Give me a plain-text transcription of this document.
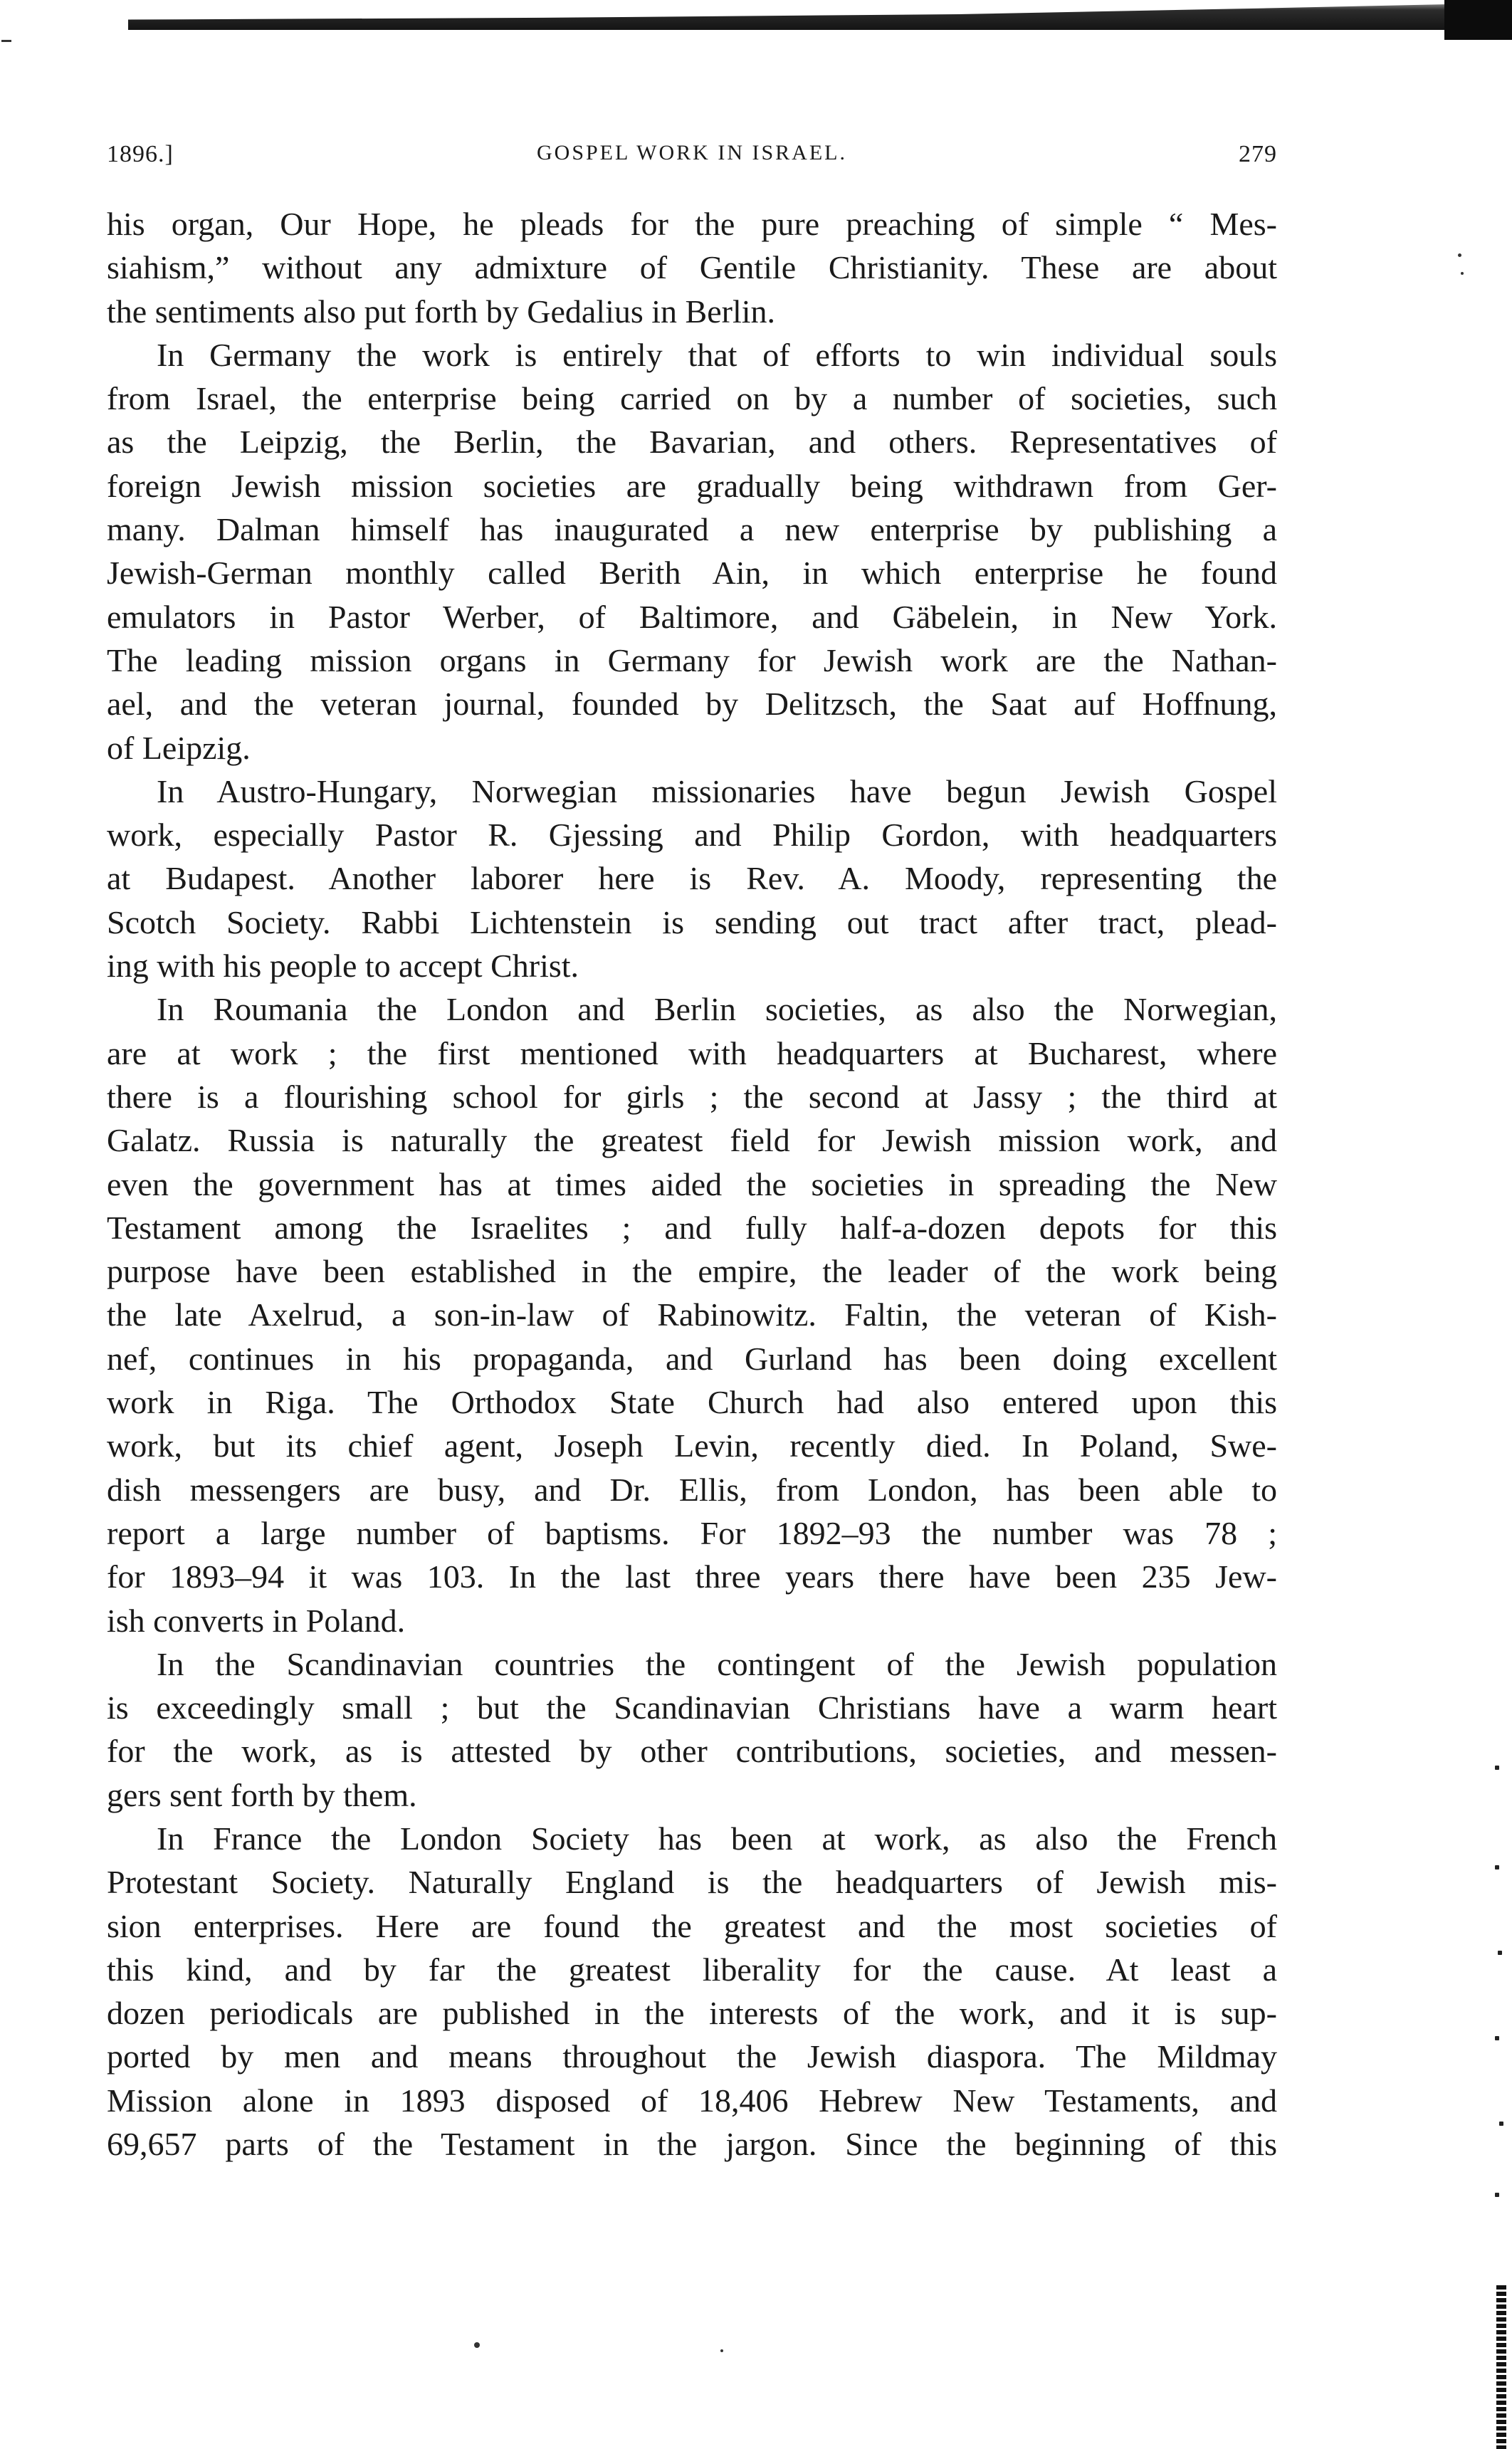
1896.]	GOSPEL WORK IN ISRAEL.	279
his organ, Our Hope, he pleads for the pure preaching of simple “ Mes-
siahism,” without any admixture of Gentile Christianity. These are about
the sentiments also put forth by Gedalius in Berlin.
In Germany the work is entirely that of efforts to win individual souls
from Israel, the enterprise being carried on by a number of societies, such
as the Leipzig, the Berlin, the Bavarian, and others. Representatives of
foreign Jewish mission societies are gradually being withdrawn from Ger-
many. Dalman himself has inaugurated a new enterprise by publishing a
Jewish-German monthly called Berith Ain, in which enterprise he found
emulators in Pastor Werber, of Baltimore, and Gäbelein, in New York.
The leading mission organs in Germany for Jewish work are the Nathan-
ael, and the veteran journal, founded by Delitzsch, the Saat auf Hoffnung,
of Leipzig.
In Austro-Hungary, Norwegian missionaries have begun Jewish Gospel
work, especially Pastor R. Gjessing and Philip Gordon, with headquarters
at Budapest. Another laborer here is Rev. A. Moody, representing the
Scotch Society. Rabbi Lichtenstein is sending out tract after tract, plead-
ing with his people to accept Christ.
In Roumania the London and Berlin societies, as also the Norwegian,
are at work ; the first mentioned with headquarters at Bucharest, where
there is a flourishing school for girls ; the second at Jassy ; the third at
Galatz. Russia is naturally the greatest field for Jewish mission work, and
even the government has at times aided the societies in spreading the New
Testament among the Israelites ; and fully half-a-dozen depots for this
purpose have been established in the empire, the leader of the work being
the late Axelrud, a son-in-law of Rabinowitz. Faltin, the veteran of Kish-
nef, continues in his propaganda, and Gurland has been doing excellent
work in Riga. The Orthodox State Church had also entered upon this
work, but its chief agent, Joseph Levin, recently died. In Poland, Swe-
dish messengers are busy, and Dr. Ellis, from London, has been able to
report a large number of baptisms. For 1892–93 the number was 78 ;
for 1893–94 it was 103. In the last three years there have been 235 Jew-
ish converts in Poland.
In the Scandinavian countries the contingent of the Jewish population
is exceedingly small ; but the Scandinavian Christians have a warm heart
for the work, as is attested by other contributions, societies, and messen-
gers sent forth by them.
In France the London Society has been at work, as also the French
Protestant Society. Naturally England is the headquarters of Jewish mis-
sion enterprises. Here are found the greatest and the most societies of
this kind, and by far the greatest liberality for the cause. At least a
dozen periodicals are published in the interests of the work, and it is sup-
ported by men and means throughout the Jewish diaspora. The Mildmay
Mission alone in 1893 disposed of 18,406 Hebrew New Testaments, and
69,657 parts of the Testament in the jargon. Since the beginning of this
